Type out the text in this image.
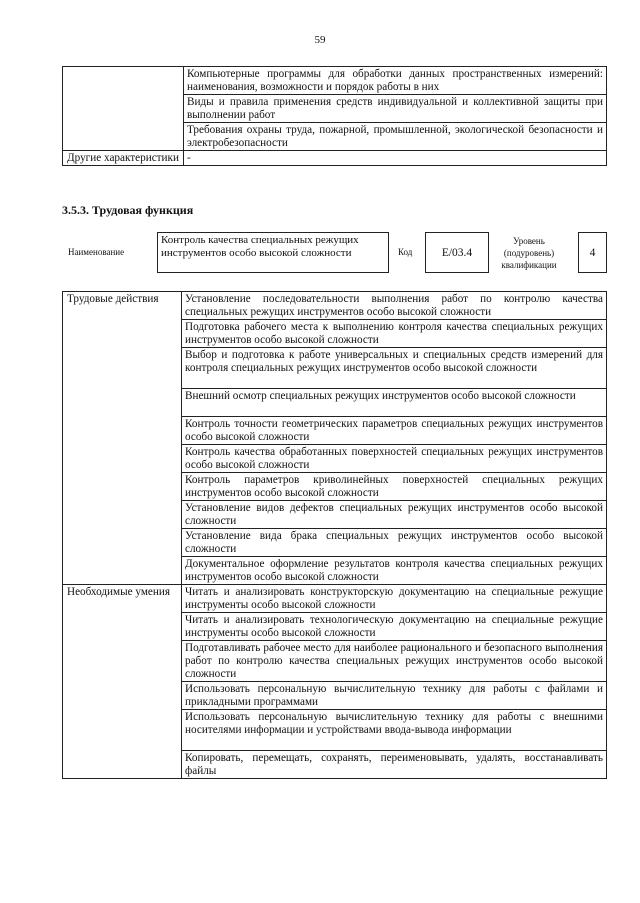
59
	Компьютерные программы для обработки данных пространственных измерений: наименования, возможности и порядок работы в них
	Виды и правила применения средств индивидуальной и коллективной защиты при выполнении работ
	Требования охраны труда, пожарной, промышленной, экологической безопасности и электробезопасности
Другие характеристики	-
3.5.3. Трудовая функция
Наименование
Контроль качества специальных режущих инструментов особо высокой сложности	Код	E/03.4
Уровень (подуровень) квалификации
4
Трудовые действия	Установление последовательности выполнения работ по контролю качества специальных режущих инструментов особо высокой сложности
	Подготовка рабочего места к выполнению контроля качества специальных режущих инструментов особо высокой сложности
	Выбор и подготовка к работе универсальных и специальных средств измерений для контроля специальных режущих инструментов особо высокой сложности
	Внешний осмотр специальных режущих инструментов особо высокой сложности
	Контроль точности геометрических параметров специальных режущих инструментов особо высокой сложности
	Контроль качества обработанных поверхностей специальных режущих инструментов особо высокой сложности
	Контроль параметров криволинейных поверхностей специальных режущих инструментов особо высокой сложности
	Установление видов дефектов специальных режущих инструментов особо высокой сложности
	Установление вида брака специальных режущих инструментов особо высокой сложности
	Документальное оформление результатов контроля качества специальных режущих инструментов особо высокой сложности
Необходимые умения	Читать и анализировать конструкторскую документацию на специальные режущие инструменты особо высокой сложности
	Читать и анализировать технологическую документацию на специальные режущие инструменты особо высокой сложности
	Подготавливать рабочее место для наиболее рационального и безопасного выполнения работ по контролю качества специальных режущих инструментов особо высокой сложности
	Использовать персональную вычислительную технику для работы с файлами и прикладными программами
	Использовать персональную вычислительную технику для работы с внешними носителями информации и устройствами ввода-вывода информации
	Копировать, перемещать, сохранять, переименовывать, удалять, восстанавливать файлы
